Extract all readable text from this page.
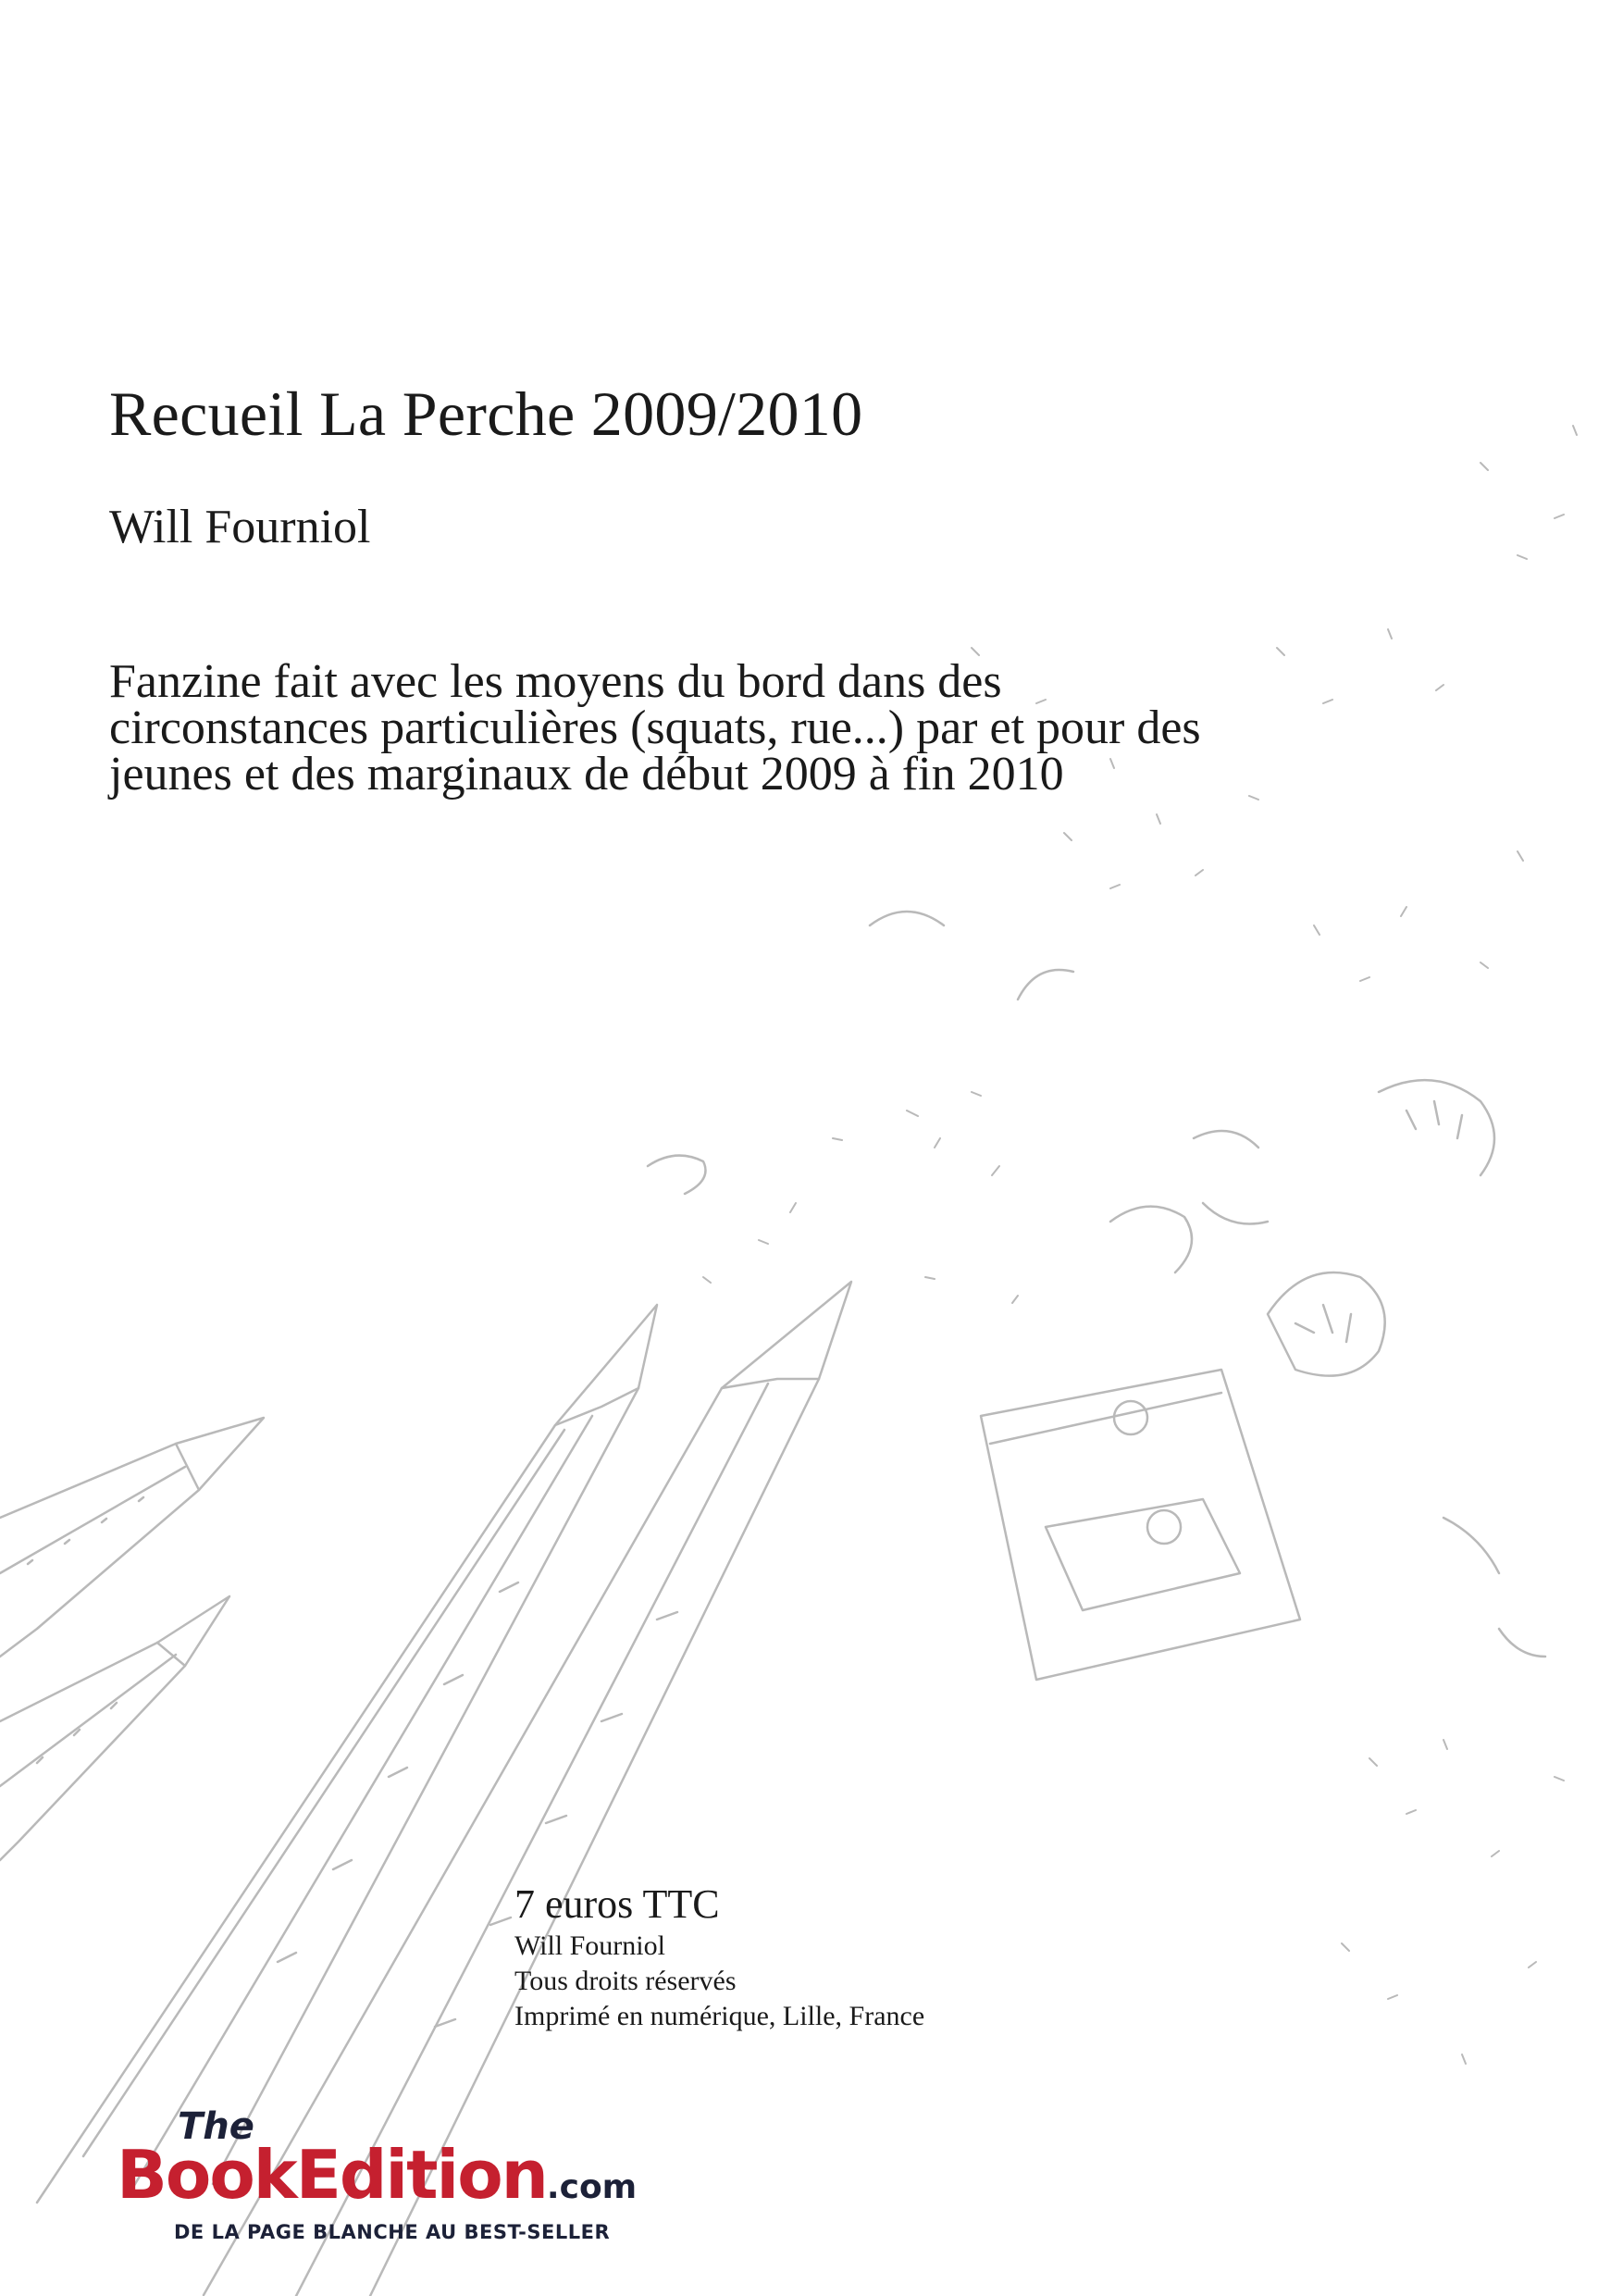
Recueil La Perche 2009/2010
Will Fourniol
Fanzine fait avec les moyens du bord dans des circonstances particulières (squats, rue...) par et pour des jeunes et des marginaux de début 2009 à fin 2010
7 euros TTC
Will Fourniol
Tous droits réservés
Imprimé en numérique, Lille, France
The
BookEdition.com
DE LA PAGE BLANCHE AU BEST-SELLER
